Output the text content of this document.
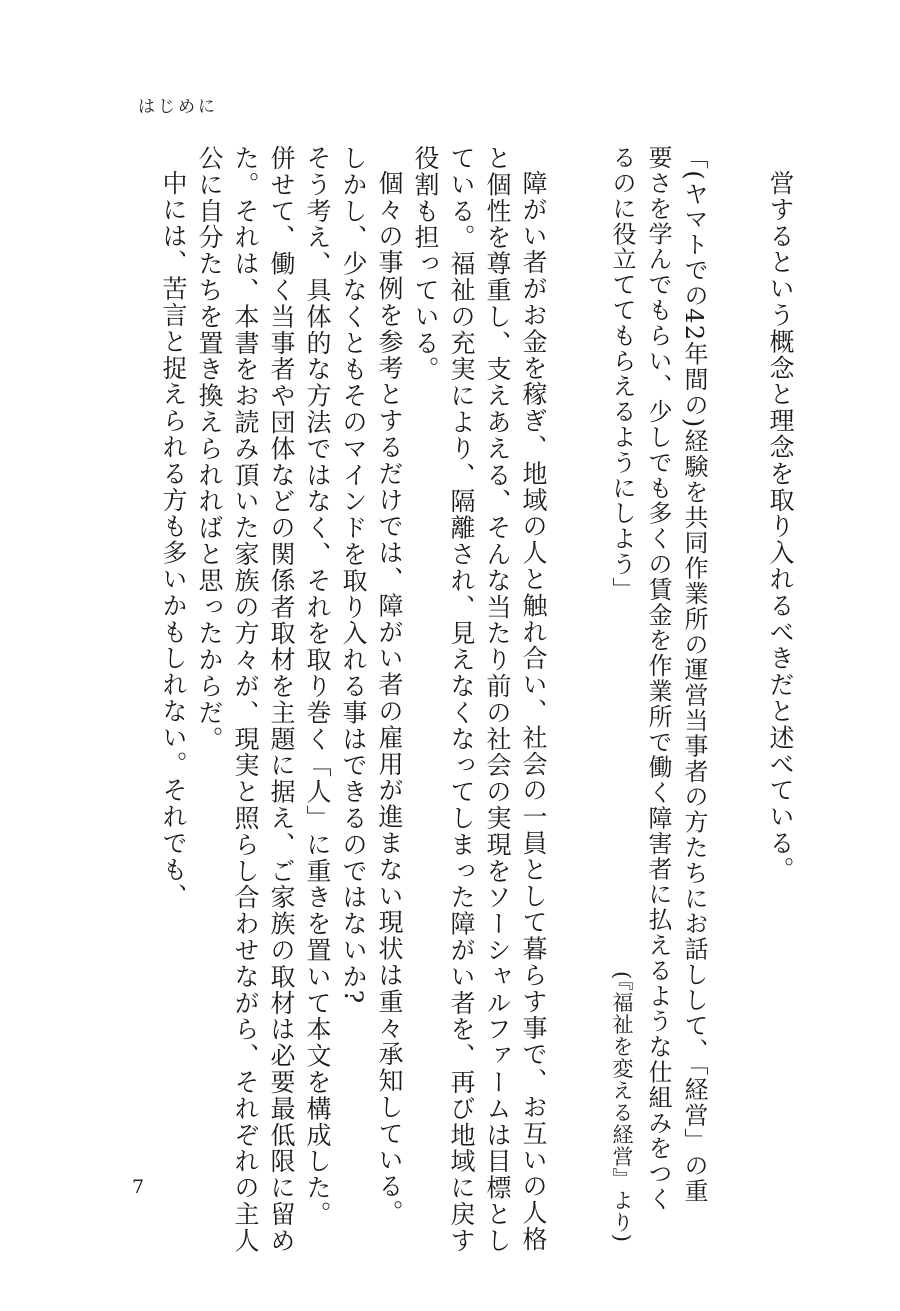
はじめに
営するという概念と理念を取り入れるべきだと述べている。
「(ヤマトでの42年間の)経験を共同作業所の運営当事者の方たちにお話しして、「経営」の重
要さを学んでもらい、少しでも多くの賃金を作業所で働く障害者に払えるような仕組みをつく
るのに役立ててもらえるようにしよう」
(『福祉を変える経営』より)
障がい者がお金を稼ぎ、地域の人と触れ合い、社会の一員として暮らす事で、お互いの人格
と個性を尊重し、支えあえる、そんな当たり前の社会の実現をソーシャルファームは目標とし
ている。福祉の充実により、隔離され、見えなくなってしまった障がい者を、再び地域に戻す
役割も担っている。
個々の事例を参考とするだけでは、障がい者の雇用が進まない現状は重々承知している。
しかし、少なくともそのマインドを取り入れる事はできるのではないか?
そう考え、具体的な方法ではなく、それを取り巻く「人」に重きを置いて本文を構成した。
併せて、働く当事者や団体などの関係者取材を主題に据え、ご家族の取材は必要最低限に留め
た。それは、本書をお読み頂いた家族の方々が、現実と照らし合わせながら、それぞれの主人
公に自分たちを置き換えられればと思ったからだ。
中には、苦言と捉えられる方も多いかもしれない。それでも、
7
